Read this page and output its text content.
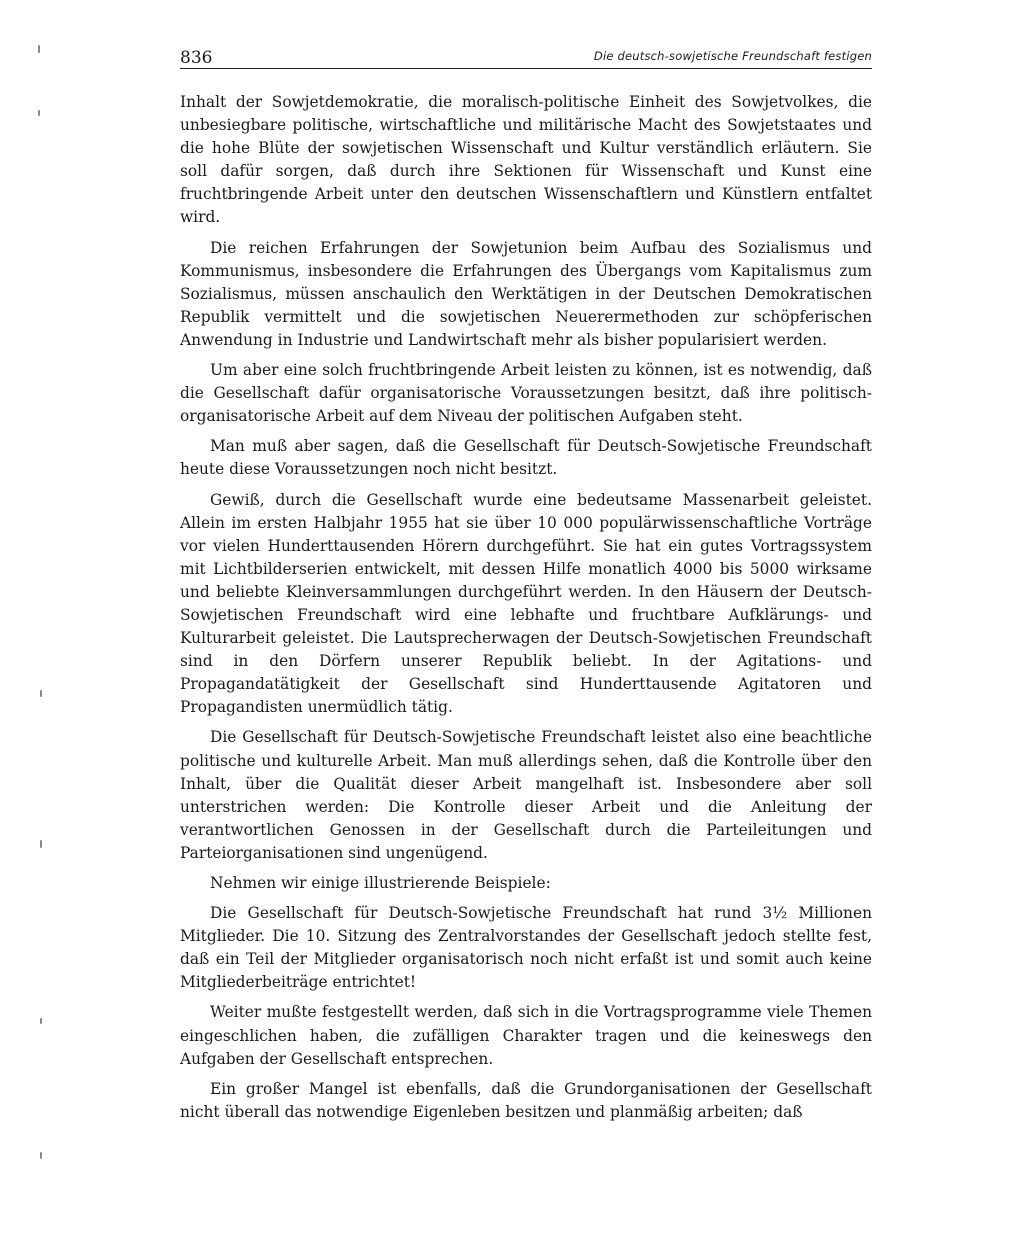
836	Die deutsch-sowjetische Freundschaft festigen

Inhalt der Sowjetdemokratie, die moralisch-politische Einheit des Sowjetvolkes, die unbesiegbare politische, wirtschaftliche und militärische Macht des Sowjetstaates und die hohe Blüte der sowjetischen Wissenschaft und Kultur verständlich erläutern. Sie soll dafür sorgen, daß durch ihre Sektionen für Wissenschaft und Kunst eine fruchtbringende Arbeit unter den deutschen Wissenschaftlern und Künstlern entfaltet wird.

Die reichen Erfahrungen der Sowjetunion beim Aufbau des Sozialismus und Kommunismus, insbesondere die Erfahrungen des Übergangs vom Kapitalismus zum Sozialismus, müssen anschaulich den Werktätigen in der Deutschen Demokratischen Republik vermittelt und die sowjetischen Neuerermethoden zur schöpferischen Anwendung in Industrie und Landwirtschaft mehr als bisher popularisiert werden.

Um aber eine solch fruchtbringende Arbeit leisten zu können, ist es notwendig, daß die Gesellschaft dafür organisatorische Voraussetzungen besitzt, daß ihre politisch-organisatorische Arbeit auf dem Niveau der politischen Aufgaben steht.

Man muß aber sagen, daß die Gesellschaft für Deutsch-Sowjetische Freundschaft heute diese Voraussetzungen noch nicht besitzt.

Gewiß, durch die Gesellschaft wurde eine bedeutsame Massenarbeit geleistet. Allein im ersten Halbjahr 1955 hat sie über 10 000 populärwissenschaftliche Vorträge vor vielen Hunderttausenden Hörern durchgeführt. Sie hat ein gutes Vortragssystem mit Lichtbilderserien entwickelt, mit dessen Hilfe monatlich 4000 bis 5000 wirksame und beliebte Kleinversammlungen durchgeführt werden. In den Häusern der Deutsch-Sowjetischen Freundschaft wird eine lebhafte und fruchtbare Aufklärungs- und Kulturarbeit geleistet. Die Lautsprecherwagen der Deutsch-Sowjetischen Freundschaft sind in den Dörfern unserer Republik beliebt. In der Agitations- und Propagandatätigkeit der Gesellschaft sind Hunderttausende Agitatoren und Propagandisten unermüdlich tätig.

Die Gesellschaft für Deutsch-Sowjetische Freundschaft leistet also eine beachtliche politische und kulturelle Arbeit. Man muß allerdings sehen, daß die Kontrolle über den Inhalt, über die Qualität dieser Arbeit mangelhaft ist. Insbesondere aber soll unterstrichen werden: Die Kontrolle dieser Arbeit und die Anleitung der verantwortlichen Genossen in der Gesellschaft durch die Parteileitungen und Parteiorganisationen sind ungenügend.

Nehmen wir einige illustrierende Beispiele:

Die Gesellschaft für Deutsch-Sowjetische Freundschaft hat rund 3½ Millionen Mitglieder. Die 10. Sitzung des Zentralvorstandes der Gesellschaft jedoch stellte fest, daß ein Teil der Mitglieder organisatorisch noch nicht erfaßt ist und somit auch keine Mitgliederbeiträge entrichtet!

Weiter mußte festgestellt werden, daß sich in die Vortragsprogramme viele Themen eingeschlichen haben, die zufälligen Charakter tragen und die keineswegs den Aufgaben der Gesellschaft entsprechen.

Ein großer Mangel ist ebenfalls, daß die Grundorganisationen der Gesellschaft nicht überall das notwendige Eigenleben besitzen und planmäßig arbeiten; daß
